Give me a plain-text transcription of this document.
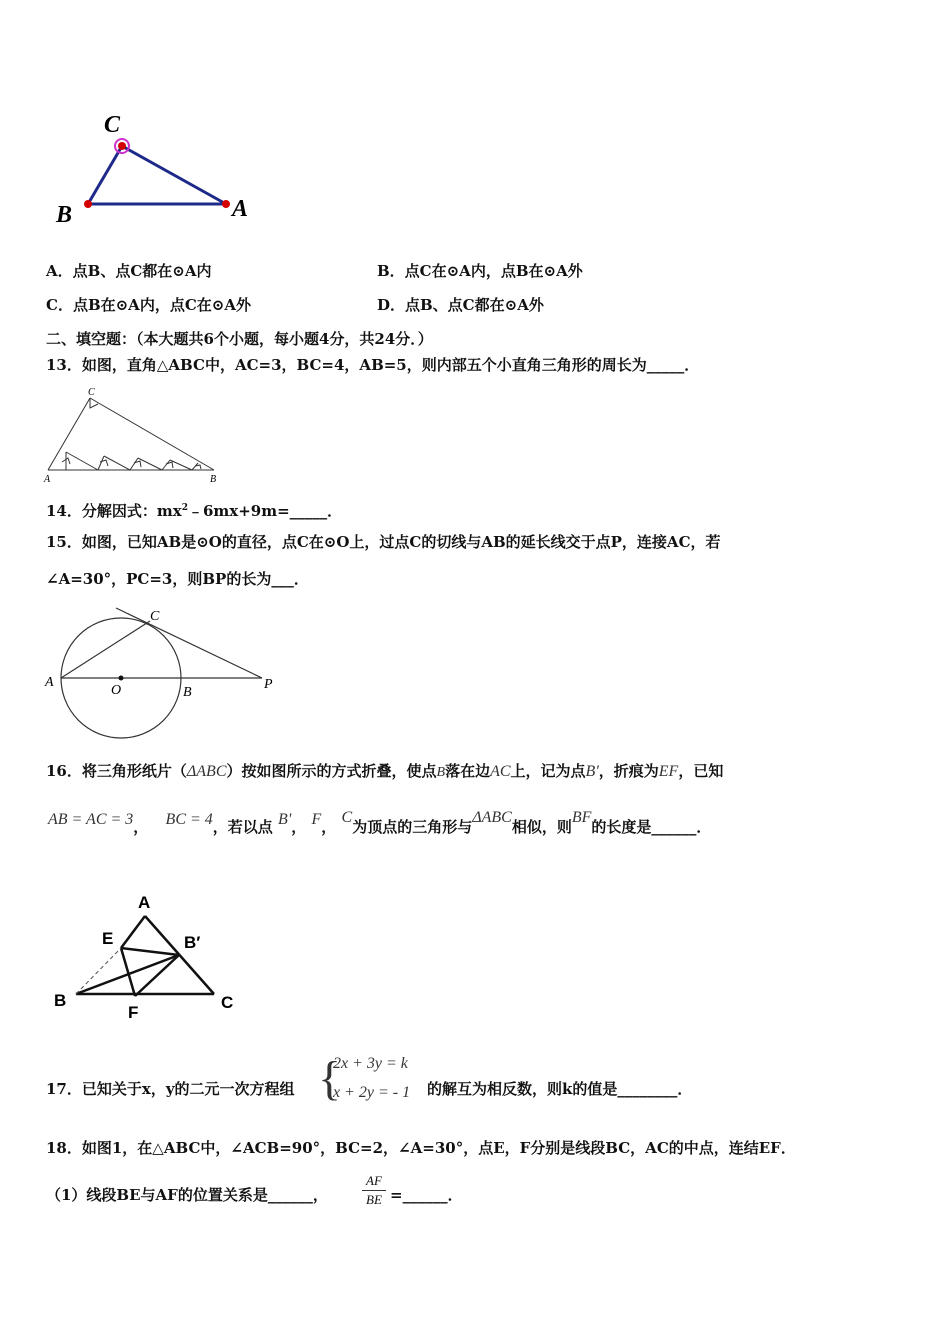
C
B	A
A．点B、点C都在⊙A内	B．点C在⊙A内，点B在⊙A外
C．点B在⊙A内，点C在⊙A外	D．点B、点C都在⊙A外
二、填空题：（本大题共6个小题，每小题4分，共24分．）
13．如图，直角△ABC中，AC=3，BC=4，AB=5，则内部五个小直角三角形的周长为_____．
C
A	B
14．分解因式：$mx^2﹣6mx+9m=\_\_\_\_\_$．
15．如图，已知AB是⊙O的直径，点C在⊙O上，过点C的切线与AB的延长线交于点P，连接AC，若
∠A=30°，PC=3，则BP的长为___．
A
O	B
C
P
16．将三角形纸片（ΔABC）按如图所示的方式折叠，使点B落在边AC上，记为点B'，折痕为EF，已知
AB = AC = 3， BC = 4，若以点 B'， F， C为顶点的三角形与ΔABC相似，则BF的长度是______．
A
E	B′
B
F
C
17．已知关于x，y的二元一次方程组 {
2x + 3y = k
x + 2y = - 1 的解互为相反数，则k的值是________．
18．如图1，在△ABC中，∠ACB=90°，BC=2，∠A=30°，点E，F分别是线段BC，AC的中点，连结EF．
（1）线段BE与AF的位置关系是______，
AF
BE =______．
